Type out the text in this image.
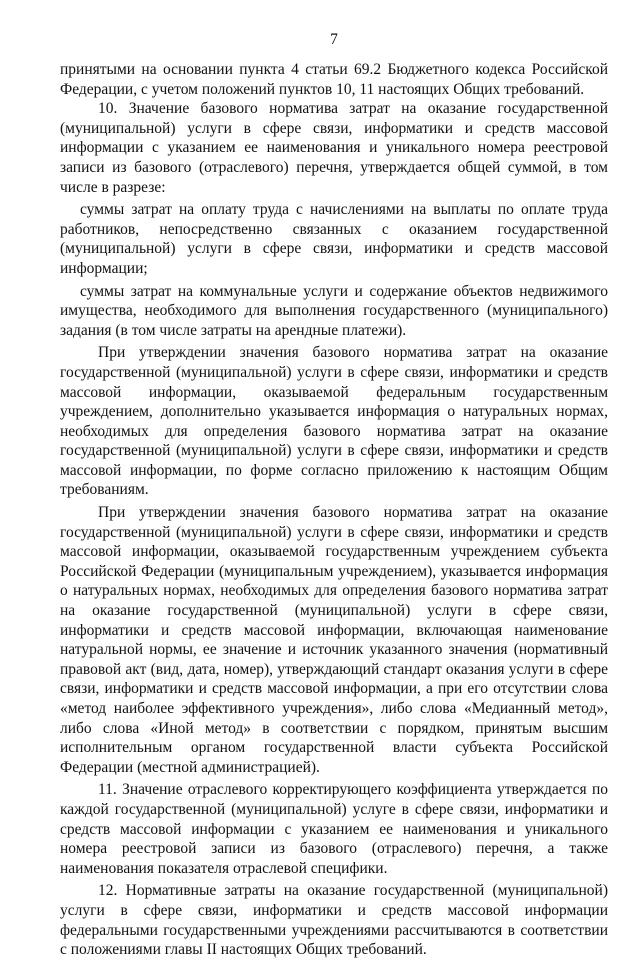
7

принятыми на основании пункта 4 статьи 69.2 Бюджетного кодекса Российской Федерации, с учетом положений пунктов 10, 11 настоящих Общих требований.

10. Значение базового норматива затрат на оказание государственной (муниципальной) услуги в сфере связи, информатики и средств массовой информации с указанием ее наименования и уникального номера реестровой записи из базового (отраслевого) перечня, утверждается общей суммой, в том числе в разрезе:

суммы затрат на оплату труда с начислениями на выплаты по оплате труда работников, непосредственно связанных с оказанием государственной (муниципальной) услуги в сфере связи, информатики и средств массовой информации;

суммы затрат на коммунальные услуги и содержание объектов недвижимого имущества, необходимого для выполнения государственного (муниципального) задания (в том числе затраты на арендные платежи).

При утверждении значения базового норматива затрат на оказание государственной (муниципальной) услуги в сфере связи, информатики и средств массовой информации, оказываемой федеральным государственным учреждением, дополнительно указывается информация о натуральных нормах, необходимых для определения базового норматива затрат на оказание государственной (муниципальной) услуги в сфере связи, информатики и средств массовой информации, по форме согласно приложению к настоящим Общим требованиям.

При утверждении значения базового норматива затрат на оказание государственной (муниципальной) услуги в сфере связи, информатики и средств массовой информации, оказываемой государственным учреждением субъекта Российской Федерации (муниципальным учреждением), указывается информация о натуральных нормах, необходимых для определения базового норматива затрат на оказание государственной (муниципальной) услуги в сфере связи, информатики и средств массовой информации, включающая наименование натуральной нормы, ее значение и источник указанного значения (нормативный правовой акт (вид, дата, номер), утверждающий стандарт оказания услуги в сфере связи, информатики и средств массовой информации, а при его отсутствии слова «метод наиболее эффективного учреждения», либо слова «Медианный метод», либо слова «Иной метод» в соответствии с порядком, принятым высшим исполнительным органом государственной власти субъекта Российской Федерации (местной администрацией).

11. Значение отраслевого корректирующего коэффициента утверждается по каждой государственной (муниципальной) услуге в сфере связи, информатики и средств массовой информации с указанием ее наименования и уникального номера реестровой записи из базового (отраслевого) перечня, а также наименования показателя отраслевой специфики.

12. Нормативные затраты на оказание государственной (муниципальной) услуги в сфере связи, информатики и средств массовой информации федеральными государственными учреждениями рассчитываются в соответствии с положениями главы II настоящих Общих требований.
